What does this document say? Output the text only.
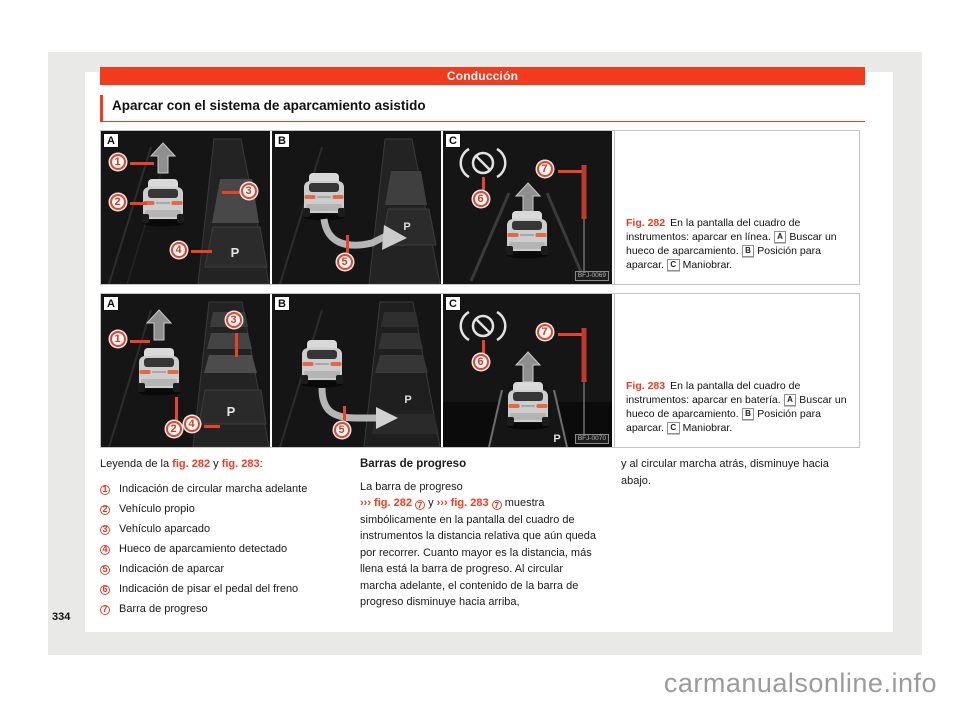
Conducción
Aparcar con el sistema de aparcamiento asistido
P
A
1
2
3
4
P
B
5
C
6
7
BFJ-0069

Fig. 282 En la pantalla del cuadro de instrumentos: aparcar en línea. A Buscar un hueco de aparcamiento. B Posición para aparcar. C Maniobrar.

P
A
1
2
3
4
P
B
5
P
C
6
7
BFJ-0070

Fig. 283 En la pantalla del cuadro de instrumentos: aparcar en batería. A Buscar un hueco de aparcamiento. B Posición para aparcar. C Maniobrar.

Leyenda de la fig. 282 y fig. 283:

1 Indicación de circular marcha adelante
2 Vehículo propio
3 Vehículo aparcado
4 Hueco de aparcamiento detectado
5 Indicación de aparcar
6 Indicación de pisar el pedal del freno
7 Barra de progreso

Barras de progreso

La barra de progreso
››› fig. 282 7 y ››› fig. 283 7 muestra simbólicamente en la pantalla del cuadro de instrumentos la distancia relativa que aún queda por recorrer. Cuanto mayor es la distancia, más llena está la barra de progreso. Al circular marcha adelante, el contenido de la barra de progreso disminuye hacia arriba,

y al circular marcha atrás, disminuye hacia abajo.

334
carmanualsonline.info
